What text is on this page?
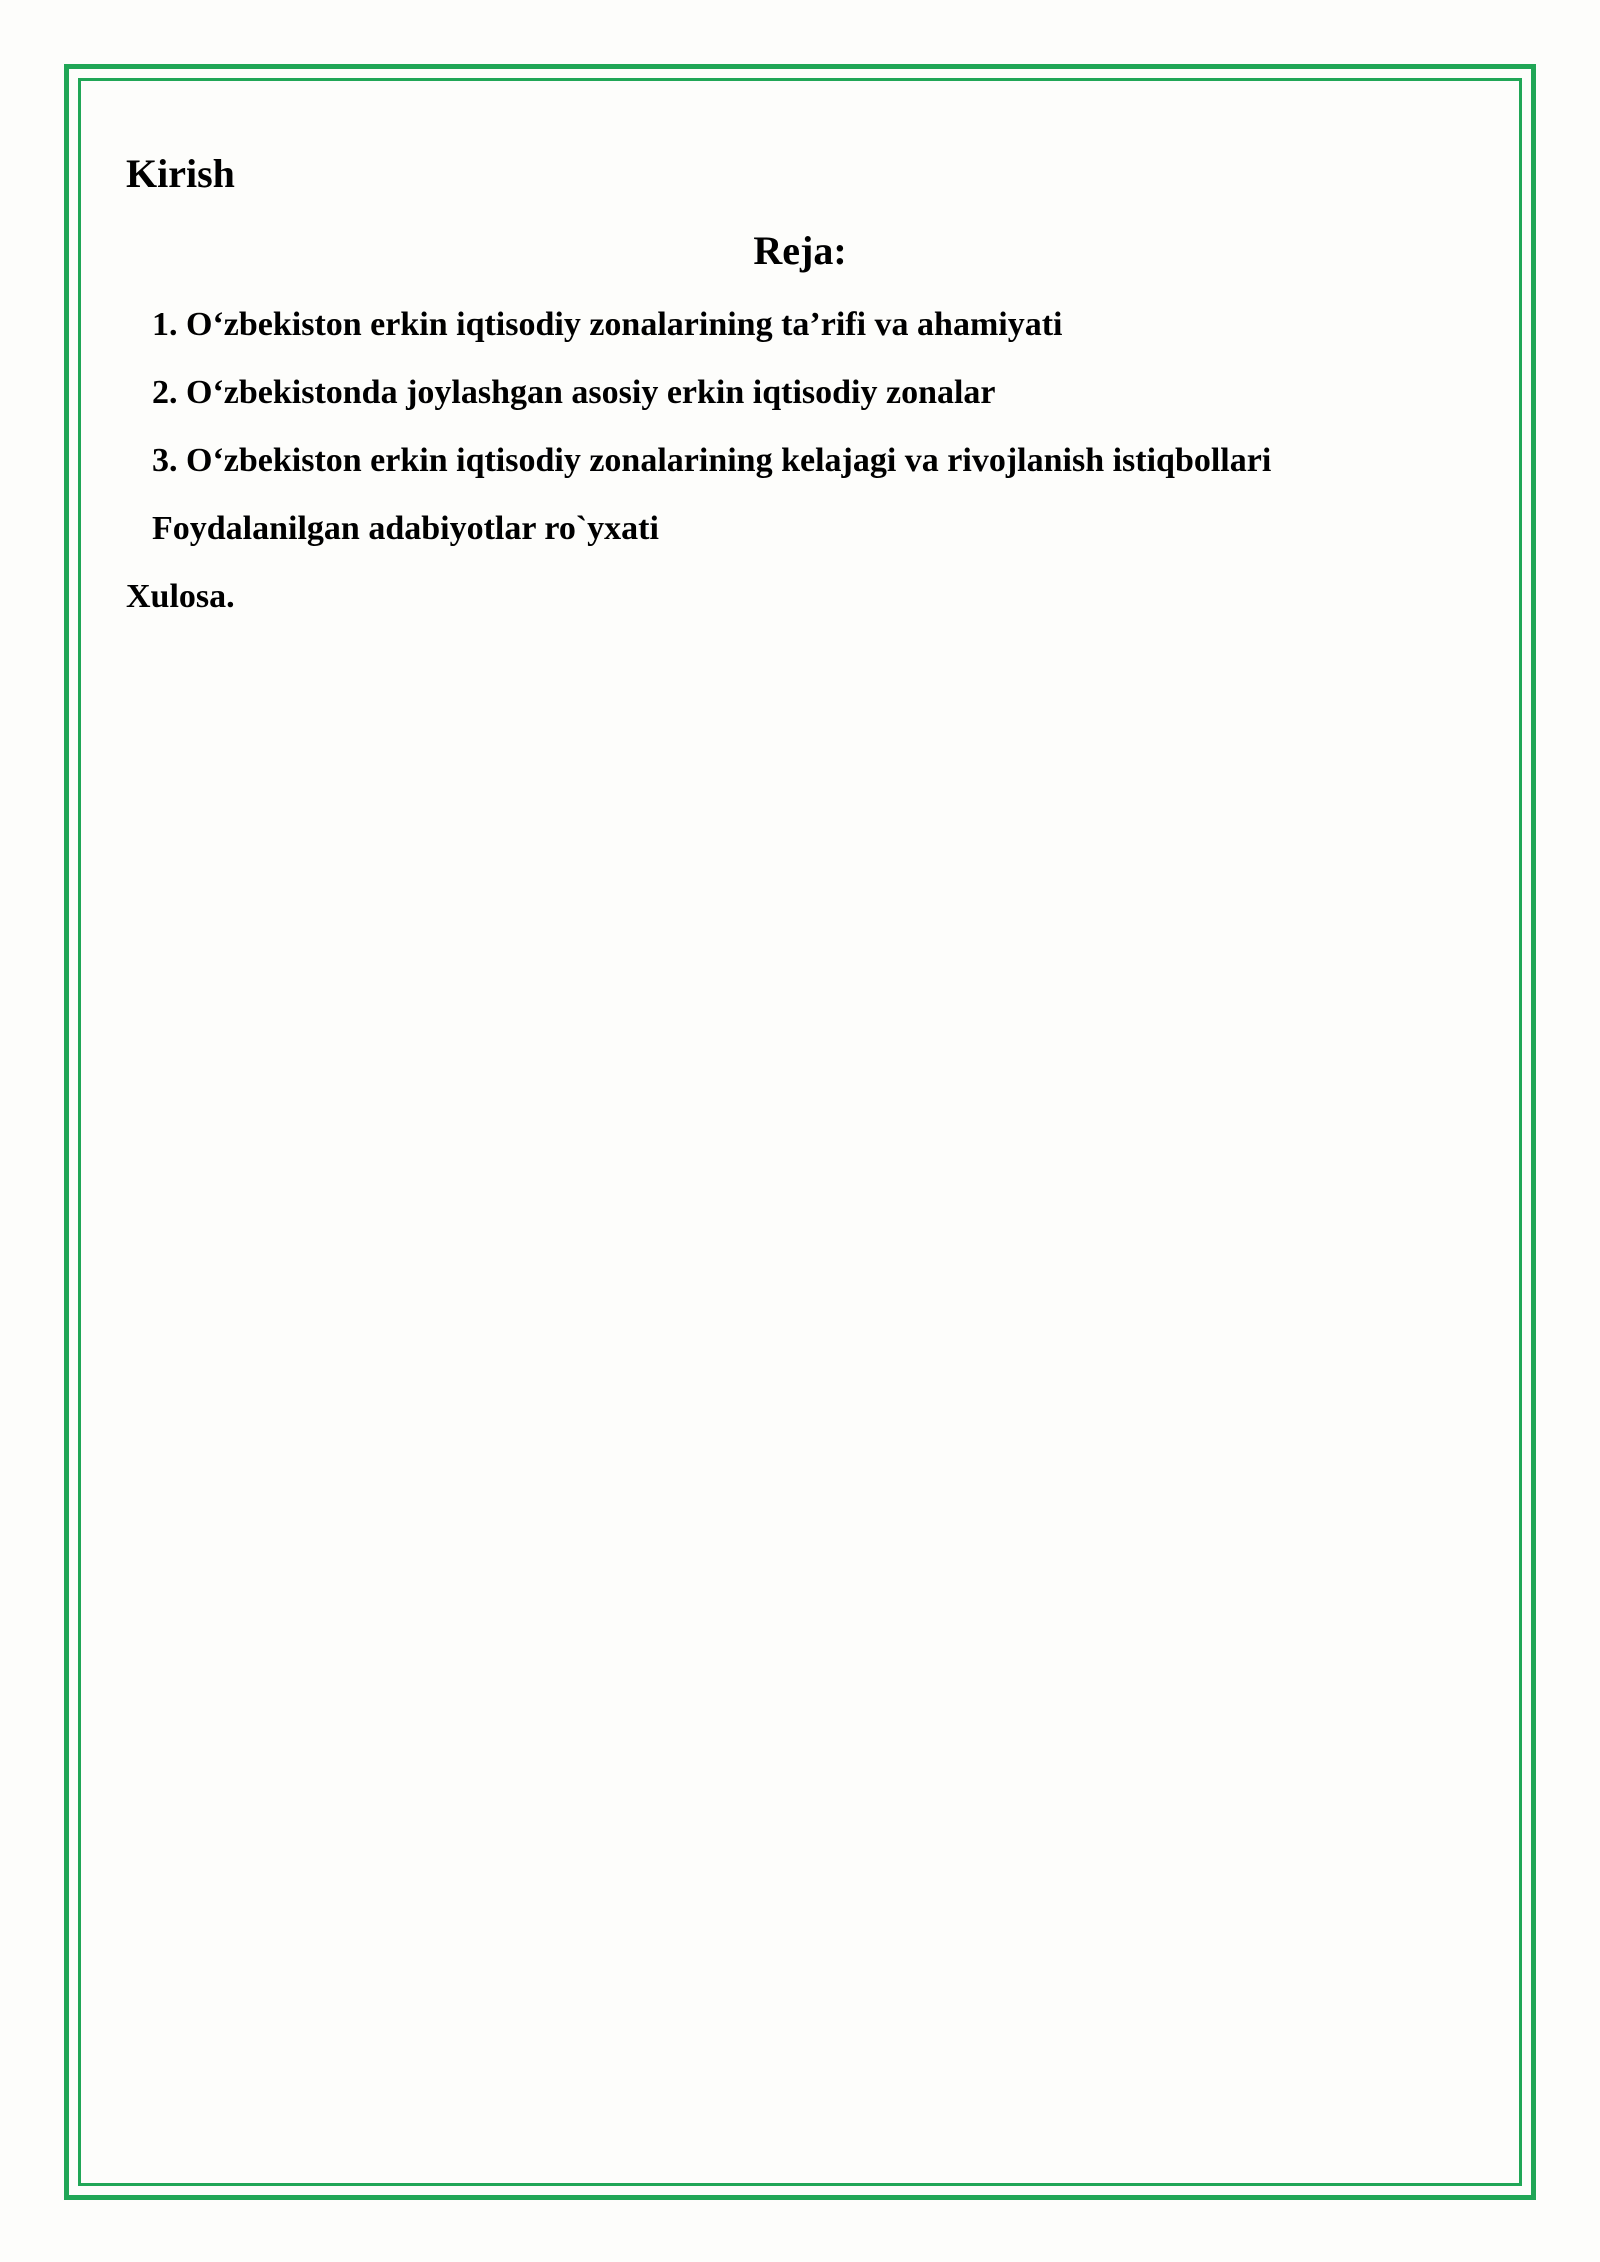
Kirish
Reja:
1. O‘zbekiston erkin iqtisodiy zonalarining ta’rifi va ahamiyati
2. O‘zbekistonda joylashgan asosiy erkin iqtisodiy zonalar
3. O‘zbekiston erkin iqtisodiy zonalarining kelajagi va rivojlanish istiqbollari
Foydalanilgan adabiyotlar ro`yxati
Xulosa.
